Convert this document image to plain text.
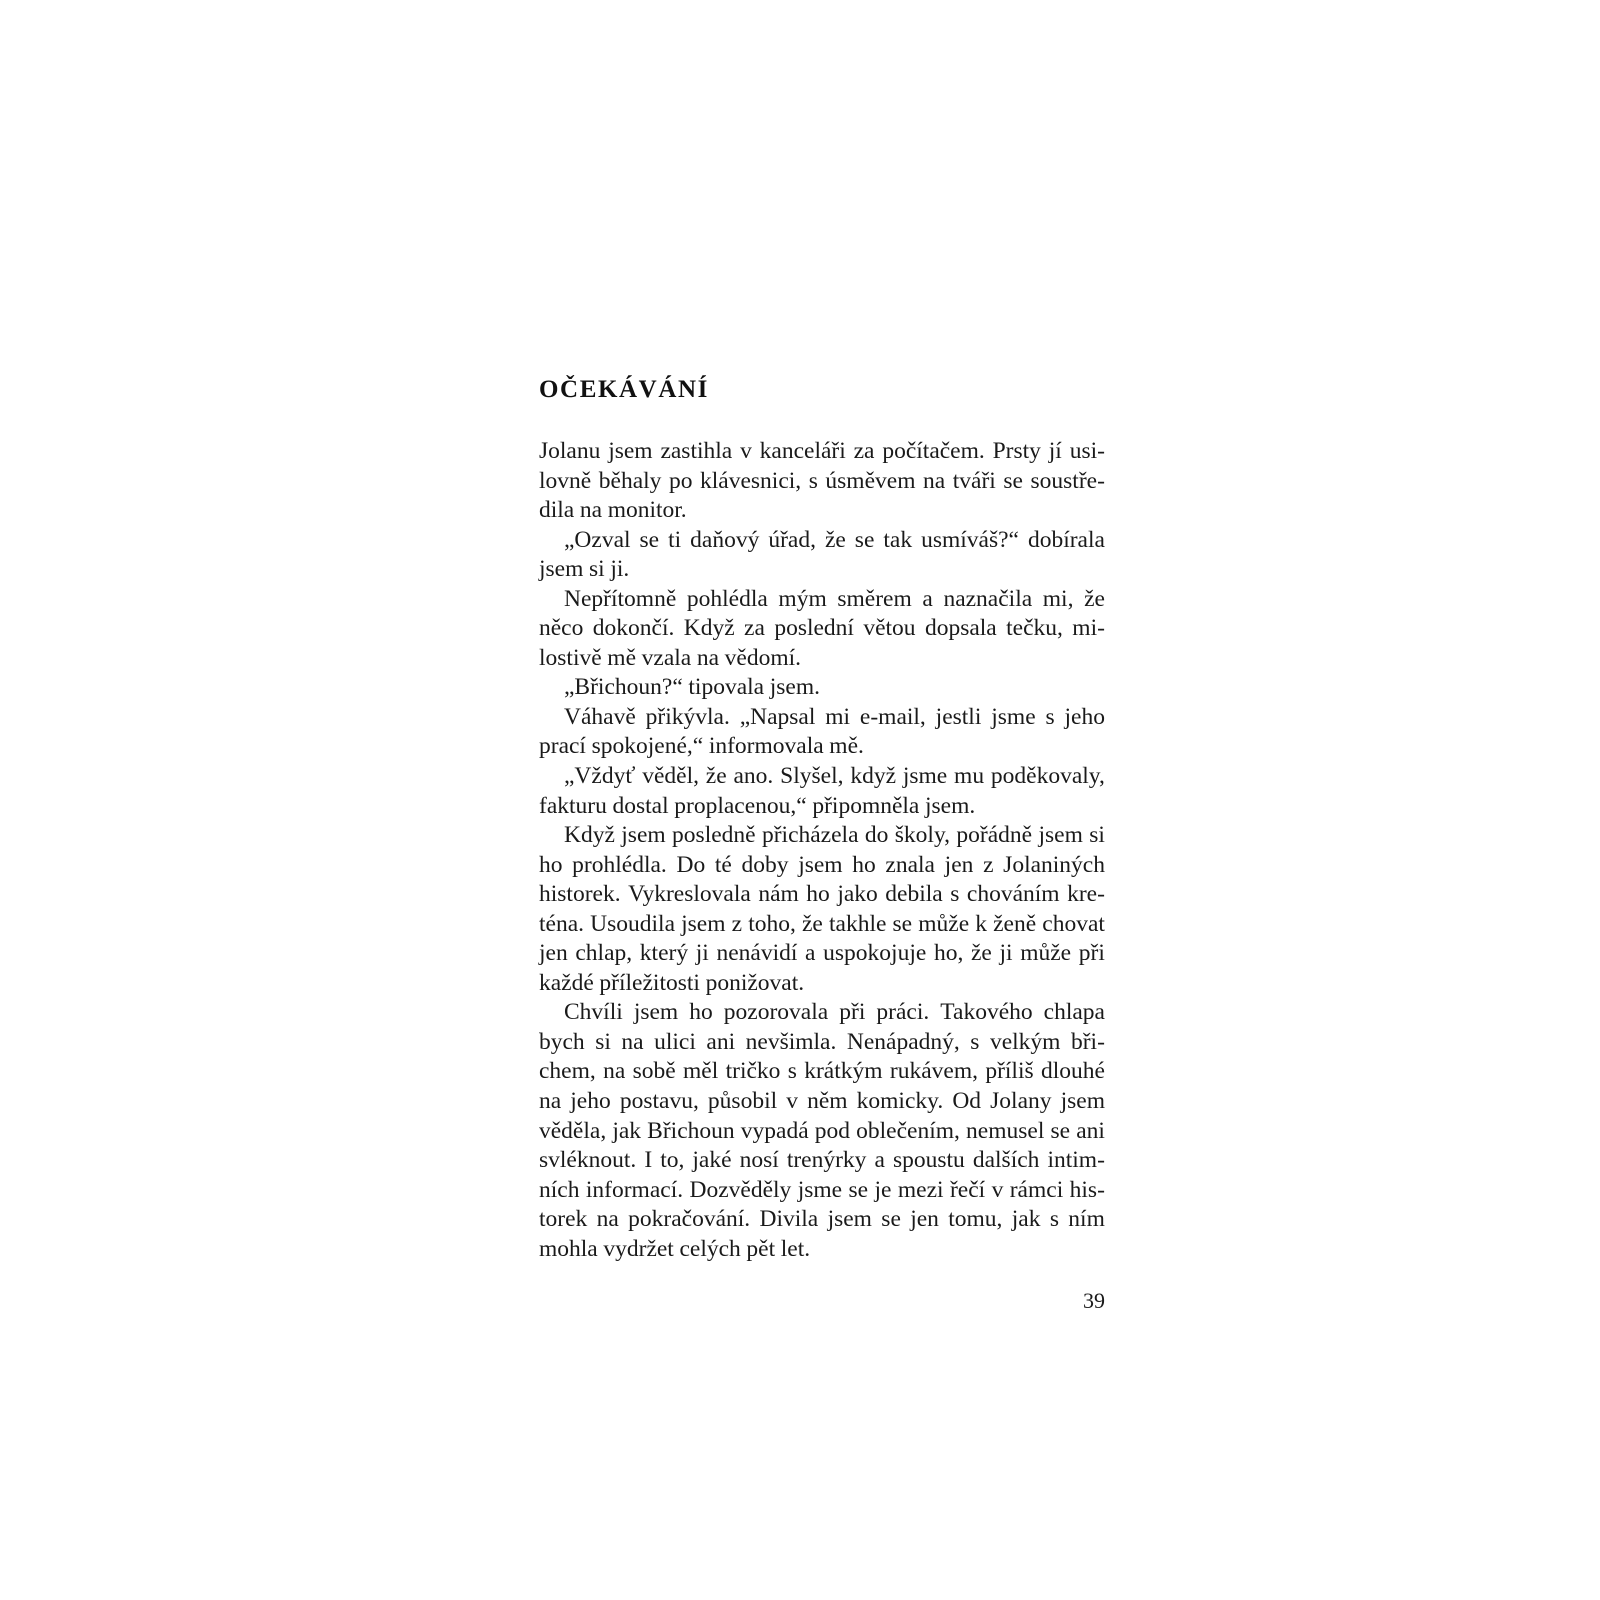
OČEKÁVÁNÍ
Jolanu jsem zastihla v kanceláři za počítačem. Prsty jí usi-
lovně běhaly po klávesnici, s úsměvem na tváři se soustře-
dila na monitor.
„Ozval se ti daňový úřad, že se tak usmíváš?“ dobírala
jsem si ji.
Nepřítomně pohlédla mým směrem a naznačila mi, že
něco dokončí. Když za poslední větou dopsala tečku, mi-
lostivě mě vzala na vědomí.
„Břichoun?“ tipovala jsem.
Váhavě přikývla. „Napsal mi e-mail, jestli jsme s jeho
prací spokojené,“ informovala mě.
„Vždyť věděl, že ano. Slyšel, když jsme mu poděkovaly,
fakturu dostal proplacenou,“ připomněla jsem.
Když jsem posledně přicházela do školy, pořádně jsem si
ho prohlédla. Do té doby jsem ho znala jen z Jolaniných
historek. Vykreslovala nám ho jako debila s chováním kre-
téna. Usoudila jsem z toho, že takhle se může k ženě chovat
jen chlap, který ji nenávidí a uspokojuje ho, že ji může při
každé příležitosti ponižovat.
Chvíli jsem ho pozorovala při práci. Takového chlapa
bych si na ulici ani nevšimla. Nenápadný, s velkým bři-
chem, na sobě měl tričko s krátkým rukávem, příliš dlouhé
na jeho postavu, působil v něm komicky. Od Jolany jsem
věděla, jak Břichoun vypadá pod oblečením, nemusel se ani
svléknout. I to, jaké nosí trenýrky a spoustu dalších intim-
ních informací. Dozvěděly jsme se je mezi řečí v rámci his-
torek na pokračování. Divila jsem se jen tomu, jak s ním
mohla vydržet celých pět let.
39
